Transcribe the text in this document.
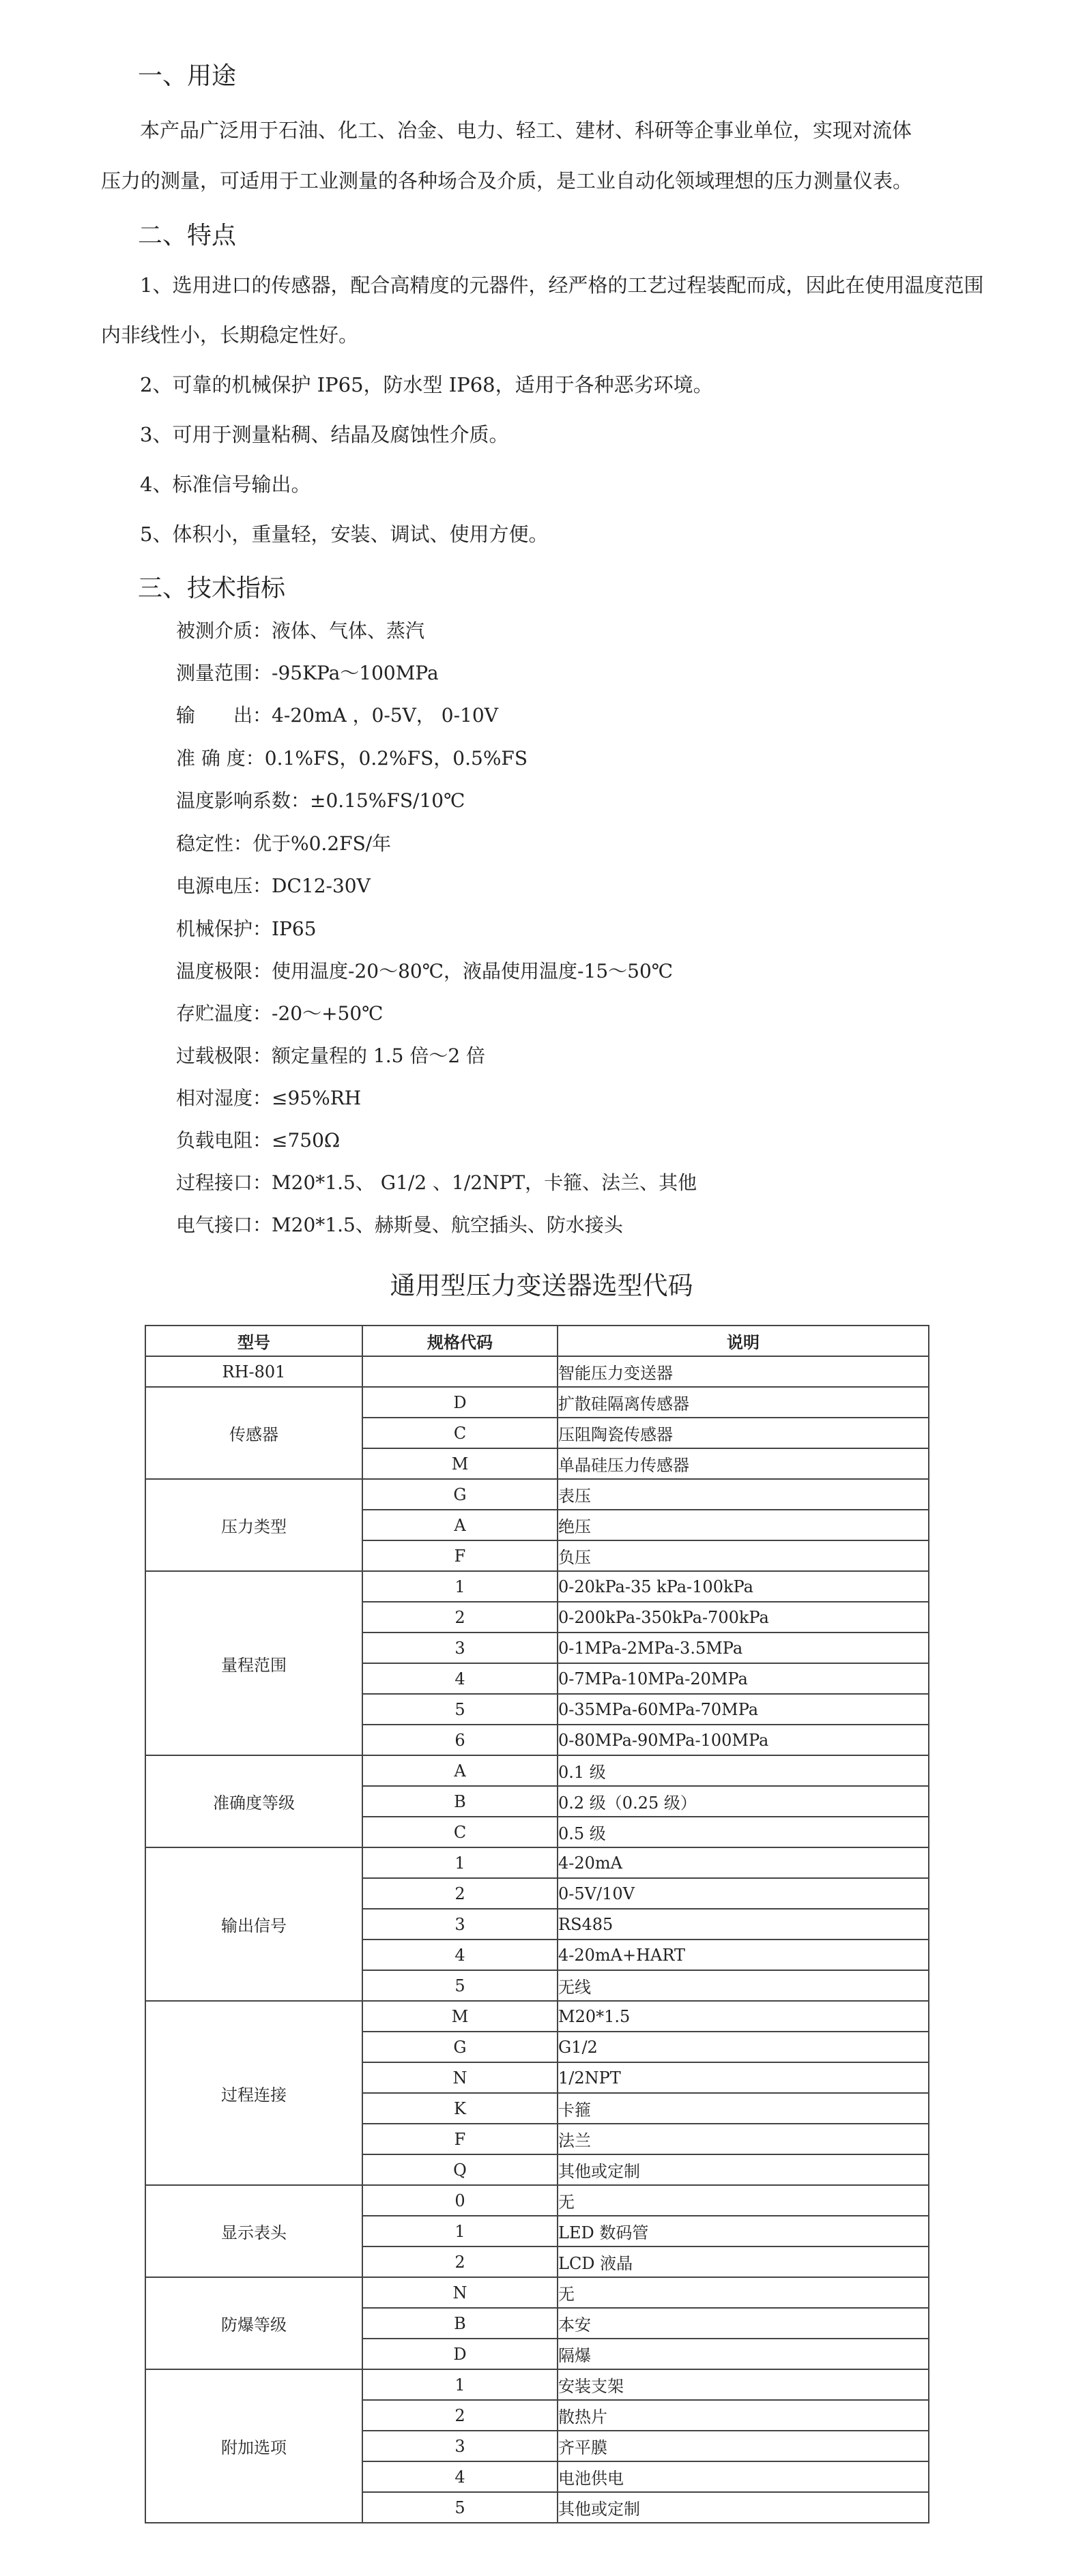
一、用途
本产品广泛用于石油、化工、冶金、电力、轻工、建材、科研等企事业单位，实现对流体
压力的测量，可适用于工业测量的各种场合及介质，是工业自动化领域理想的压力测量仪表。
二、特点
1、选用进口的传感器，配合高精度的元器件，经严格的工艺过程装配而成，因此在使用温度范围内非线性小，长期稳定性好。
2、可靠的机械保护 IP65，防水型 IP68，适用于各种恶劣环境。
3、可用于测量粘稠、结晶及腐蚀性介质。
4、标准信号输出。
5、体积小，重量轻，安装、调试、使用方便。
三、技术指标
被测介质：液体、气体、蒸汽
测量范围：-95KPa～100MPa
输　　出：4-20mA ，0-5V， 0-10V
准 确 度：0.1%FS，0.2%FS，0.5%FS
温度影响系数：±0.15%FS/10℃
稳定性：优于%0.2FS/年
电源电压：DC12-30V
机械保护：IP65
温度极限：使用温度-20～80℃，液晶使用温度-15～50℃
存贮温度：-20～+50℃
过载极限：额定量程的 1.5 倍～2 倍
相对湿度：≤95%RH
负载电阻：≤750Ω
过程接口：M20*1.5、 G1/2 、1/2NPT，卡箍、法兰、其他
电气接口：M20*1.5、赫斯曼、航空插头、防水接头
通用型压力变送器选型代码
型号	规格代码	说明
RH-801		智能压力变送器
传感器	D	扩散硅隔离传感器
	C	压阻陶瓷传感器
	M	单晶硅压力传感器
压力类型	G	表压
	A	绝压
	F	负压
量程范围	1	0-20kPa-35 kPa-100kPa
	2	0-200kPa-350kPa-700kPa
	3	0-1MPa-2MPa-3.5MPa
	4	0-7MPa-10MPa-20MPa
	5	0-35MPa-60MPa-70MPa
	6	0-80MPa-90MPa-100MPa
准确度等级	A	0.1 级
	B	0.2 级（0.25 级）
	C	0.5 级
输出信号	1	4-20mA
	2	0-5V/10V
	3	RS485
	4	4-20mA+HART
	5	无线
过程连接	M	M20*1.5
	G	G1/2
	N	1/2NPT
	K	卡箍
	F	法兰
	Q	其他或定制
显示表头	0	无
	1	LED 数码管
	2	LCD 液晶
防爆等级	N	无
	B	本安
	D	隔爆
附加选项	1	安装支架
	2	散热片
	3	齐平膜
	4	电池供电
	5	其他或定制
